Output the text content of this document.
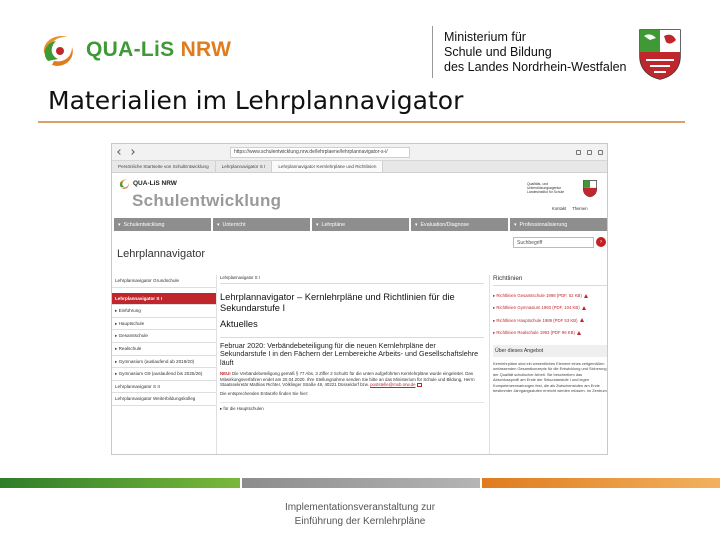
QUA-LiS NRW
Ministerium für
Schule und Bildung
des Landes Nordrhein-Westfalen
Materialien im Lehrplannavigator
https://www.schulentwicklung.nrw.de/lehrplaene/lehrplannavigator-s-i/
Persönliche Startseite von SchulEntwicklung	Lehrplannavigator S I	Lehrplannavigator Kernlehrpläne und Richtlinien
QUA-LiS NRW
Schulentwicklung
Qualitäts- und
Unterstützungsagentur
Landesinstitut für Schule
Kontakt Themen
▾ Schulentwicklung	▾ Unterricht	▾ Lehrpläne	▾ Evaluation/Diagnose	▾ Professionalisierung
Lehrplannavigator
Suchbegriff	›
Lehrplannavigator Grundschule
Lehrplannavigator S I
▸ Einführung
▸ Hauptschule
▸ Gesamtschule
▸ Realschule
▸ Gymnasium (auslaufend ab 2019/20)
▸ Gymnasium G9 (auslaufend bis 2025/26)
Lehrplannavigator S II
Lehrplannavigator Weiterbildungskolleg
Lehrplannavigator S I
Lehrplannavigator – Kernlehrpläne und Richtlinien für die Sekundarstufe I
Aktuelles
Februar 2020: Verbändebeteiligung für die neuen Kernlehrpläne der Sekundarstufe I in den Fächern der Lernbereiche Arbeits- und Gesellschaftslehre läuft
NEU! Die Verbändebeteiligung gemäß § 77 Abs. 3 Ziffer 2 SchulG für die unten aufgeführten Kernlehrpläne wurde eingeleitet. Das Mitwirkungsverfahren endet am 20.04.2020. Ihre Stellungnahme senden Sie bitte an das Ministerium für Schule und Bildung, Herrn Staatssekretär Mathias Richter, Völklinger Straße 49, 40221 Düsseldorf bzw. poststelle@msb.nrw.de
Die entsprechenden Entwürfe finden Sie hier:
▸ für die Hauptschulen
Richtlinien
▸ Richtlinien Gesamtschule 1998 (PDF, 52 KB)
▸ Richtlinien Gymnasium 1993 (PDF, 104 KB)
▸ Richtlinien Hauptschule 1989 (PDF 53 KB)
▸ Richtlinien Realschule 1993 (PDF 96 KB)
Über dieses Angebot
Kernlehrpläne sind ein wesentliches Element eines zeitgemäßen umfassenden Gesamtkonzepts für die Entwicklung und Sicherung der Qualität schulischer Arbeit. Sie beschreiben das Abschlussprofil am Ende der Sekundarstufe I und legen Kompetenzerwartungen fest, die als Zwischenstufen am Ende bestimmter Jahrgangsstufen erreicht werden müssen. Im Zentrum
Implementationsveranstaltung zur
Einführung der Kernlehrpläne
